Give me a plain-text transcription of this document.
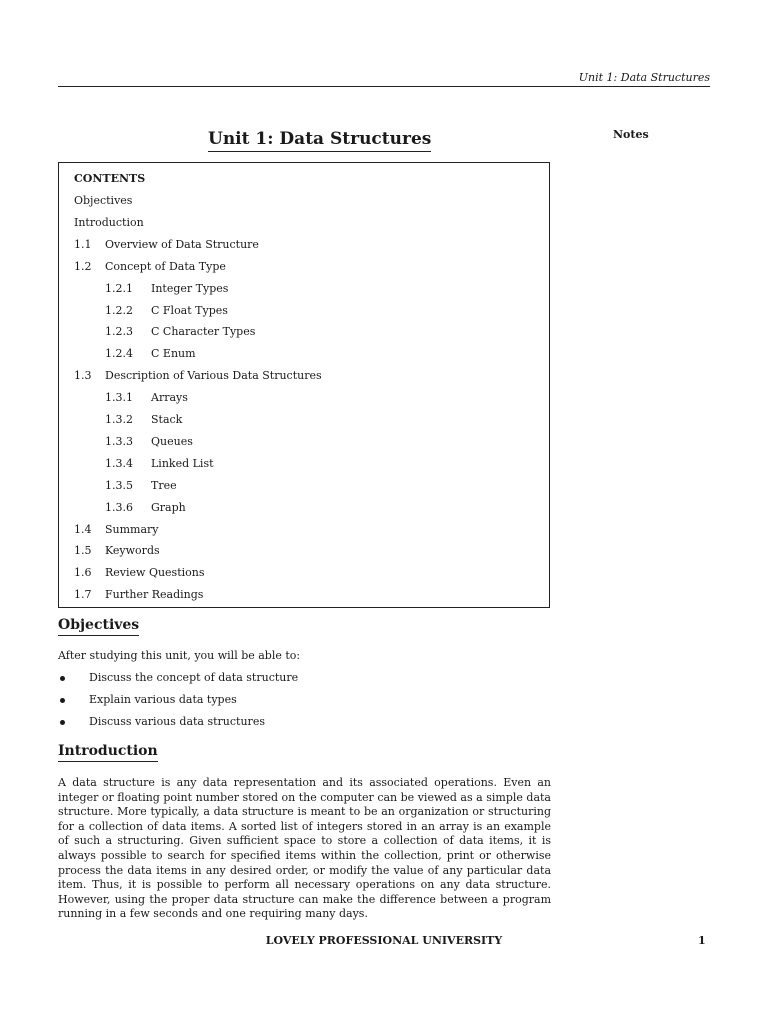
Unit 1: Data Structures
Unit 1: Data Structures	Notes
CONTENTS
Objectives
Introduction
1.1 Overview of Data Structure
1.2 Concept of Data Type
1.2.1 Integer Types
1.2.2 C Float Types
1.2.3 C Character Types
1.2.4 C Enum
1.3 Description of Various Data Structures
1.3.1 Arrays
1.3.2 Stack
1.3.3 Queues
1.3.4 Linked List
1.3.5 Tree
1.3.6 Graph
1.4 Summary
1.5 Keywords
1.6 Review Questions
1.7 Further Readings
Objectives

After studying this unit, you will be able to:

Discuss the concept of data structure
Explain various data types
Discuss various data structures
Introduction

A data structure is any data representation and its associated operations. Even an integer or ﬂoating point number stored on the computer can be viewed as a simple data structure. More typically, a data structure is meant to be an organization or structuring for a collection of data items. A sorted list of integers stored in an array is an example of such a structuring. Given suﬃcient space to store a collection of data items, it is always possible to search for speciﬁed items within the collection, print or otherwise process the data items in any desired order, or modify the value of any particular data item. Thus, it is possible to perform all necessary operations on any data structure. However, using the proper data structure can make the difference between a program running in a few seconds and one requiring many days.

LOVELY PROFESSIONAL UNIVERSITY	1
